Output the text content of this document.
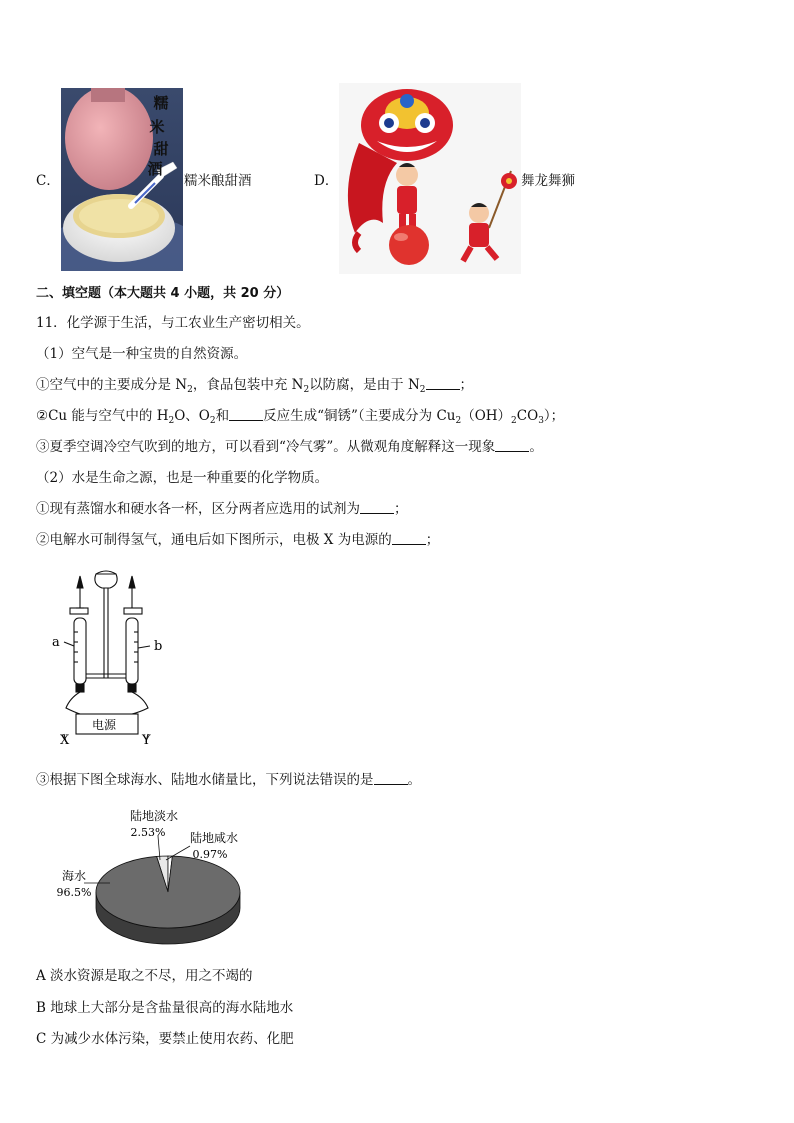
C．
糯
米
甜
酒
糯米酿甜酒	D．	舞龙舞狮
二、填空题（本大题共 4 小题，共 20 分）
11．化学源于生活，与工农业生产密切相关。
（1）空气是一种宝贵的自然资源。
①空气中的主要成分是 $N_2$，食品包装中充 $N_2$以防腐，是由于 $N_2$	；
②Cu 能与空气中的 $H_2O$、$O_2$和	反应生成“铜锈”（主要成分为 $Cu_2(OH)_2CO_3$）；
③夏季空调冷空气吹到的地方，可以看到“冷气雾”。从微观角度解释这一现象	。
（2）水是生命之源，也是一种重要的化学物质。
①现有蒸馏水和硬水各一杯，区分两者应选用的试剂为	；
②电解水可制得氢气，通电后如下图所示，电极 X 为电源的	；
a	b
电源
X	Y
③根据下图全球海水、陆地水储量比，下列说法错误的是	。
海水
96.5%
陆地淡水
2.53% 陆地咸水
0.97%
A 淡水资源是取之不尽，用之不竭的
B 地球上大部分是含盐量很高的海水陆地水
C 为减少水体污染，要禁止使用农药、化肥
